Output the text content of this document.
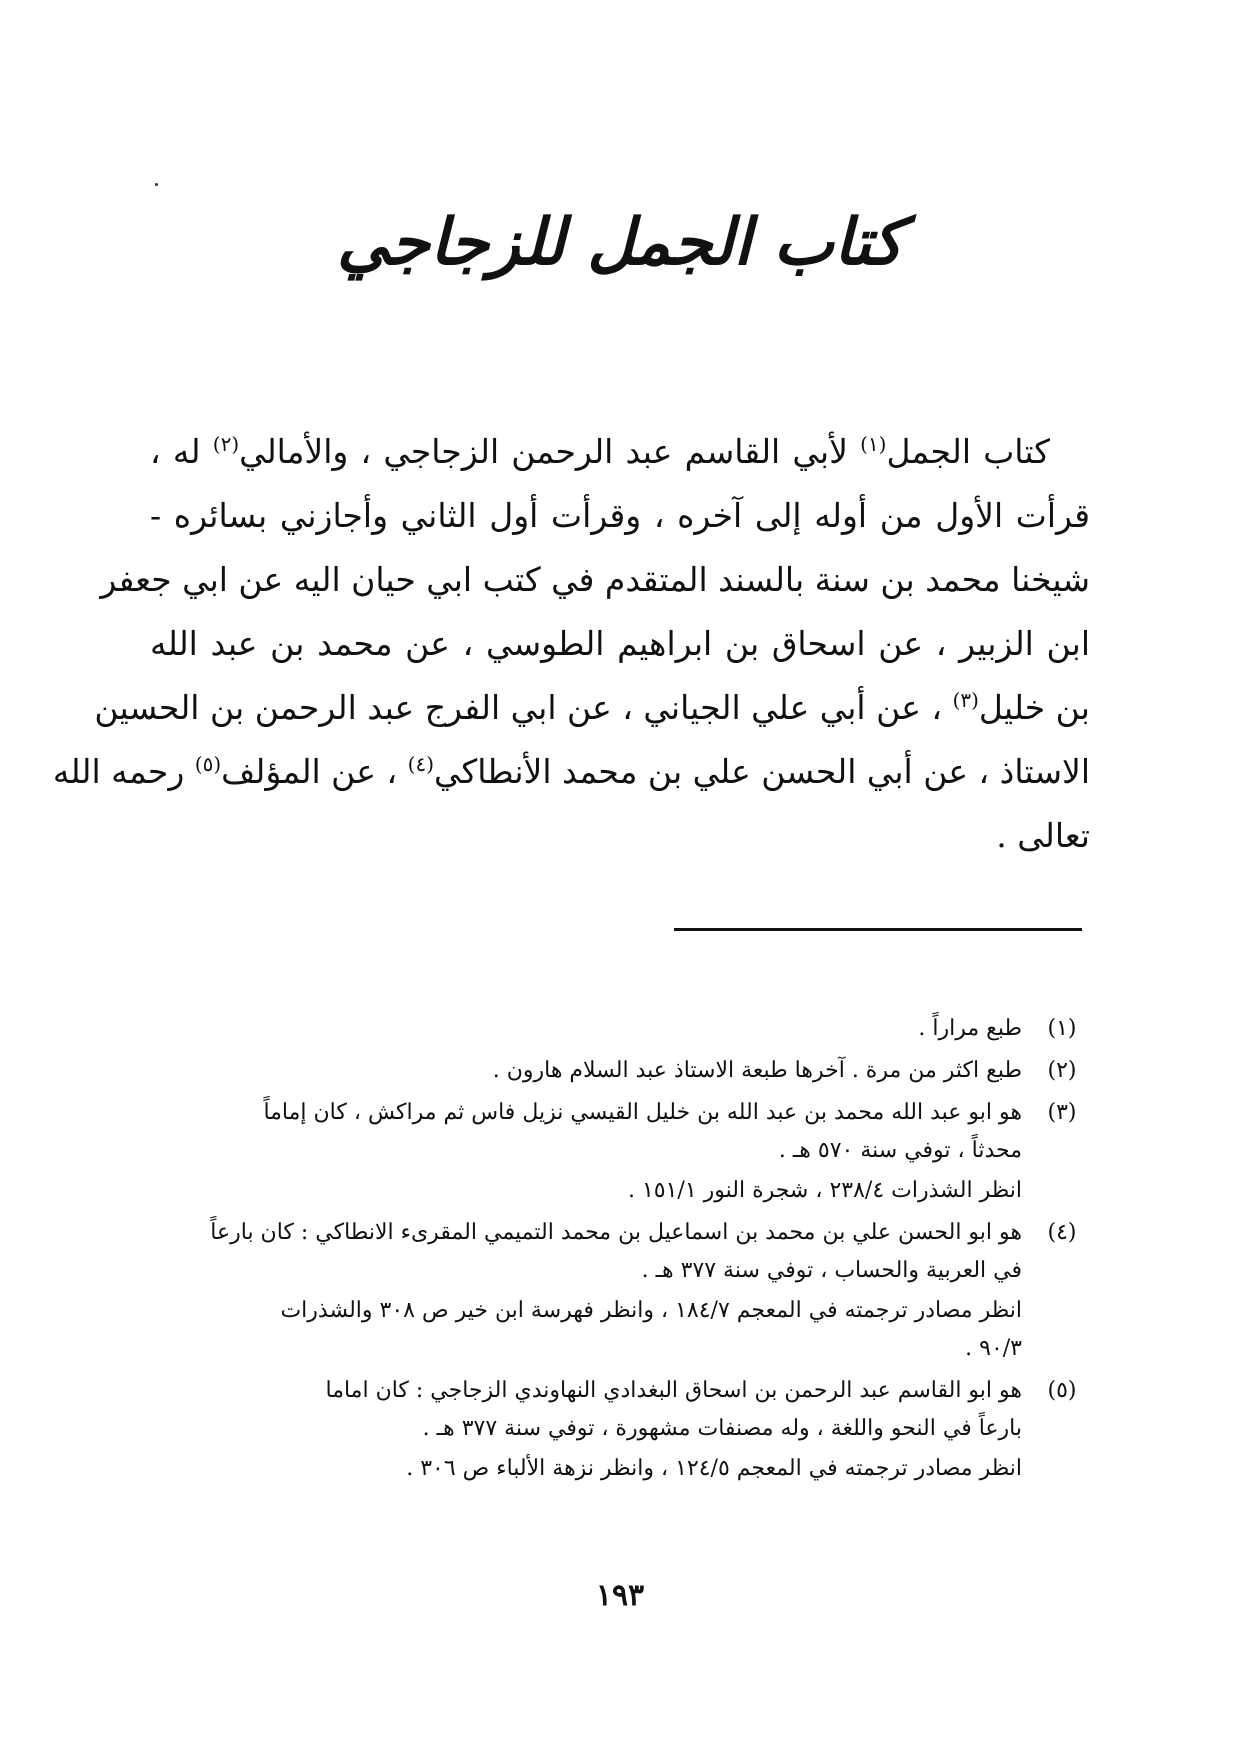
كتاب الجمل للزجاجي

كتاب الجمل$^{(١)}$ لأبي القاسم عبد الرحمن الزجاجي ، والأمالي$^{(٢)}$ له ،
قرأت الأول من أوله إلى آخره ، وقرأت أول الثاني وأجازني بسائره -
شيخنا محمد بن سنة بالسند المتقدم في كتب ابي حيان اليه عن ابي جعفر
ابن الزبير ، عن اسحاق بن ابراهيم الطوسي ، عن محمد بن عبد الله
بن خليل$^{(٣)}$ ، عن أبي علي الجياني ، عن ابي الفرج عبد الرحمن بن الحسين
الاستاذ ، عن أبي الحسن علي بن محمد الأنطاكي$^{(٤)}$ ، عن المؤلف$^{(٥)}$ رحمه الله
تعالى .

(١)
طبع مراراً .
(٢)
طبع اكثر من مرة . آخرها طبعة الاستاذ عبد السلام هارون .
(٣)
هو ابو عبد الله محمد بن عبد الله بن خليل القيسي نزيل فاس ثم مراكش ، كان إماماً
محدثاً ، توفي سنة ٥٧٠ هـ .
انظر الشذرات ٢٣٨/٤ ، شجرة النور ١٥١/١ .
(٤)
هو ابو الحسن علي بن محمد بن اسماعيل بن محمد التميمي المقرىء الانطاكي : كان بارعاً
في العربية والحساب ، توفي سنة ٣٧٧ هـ .
انظر مصادر ترجمته في المعجم ١٨٤/٧ ، وانظر فهرسة ابن خير ص ٣٠٨ والشذرات
٩٠/٣ .
(٥)
هو ابو القاسم عبد الرحمن بن اسحاق البغدادي النهاوندي الزجاجي : كان اماما
بارعاً في النحو واللغة ، وله مصنفات مشهورة ، توفي سنة ٣٧٧ هـ .
انظر مصادر ترجمته في المعجم ١٢٤/٥ ، وانظر نزهة الألباء ص ٣٠٦ .
١٩٣
